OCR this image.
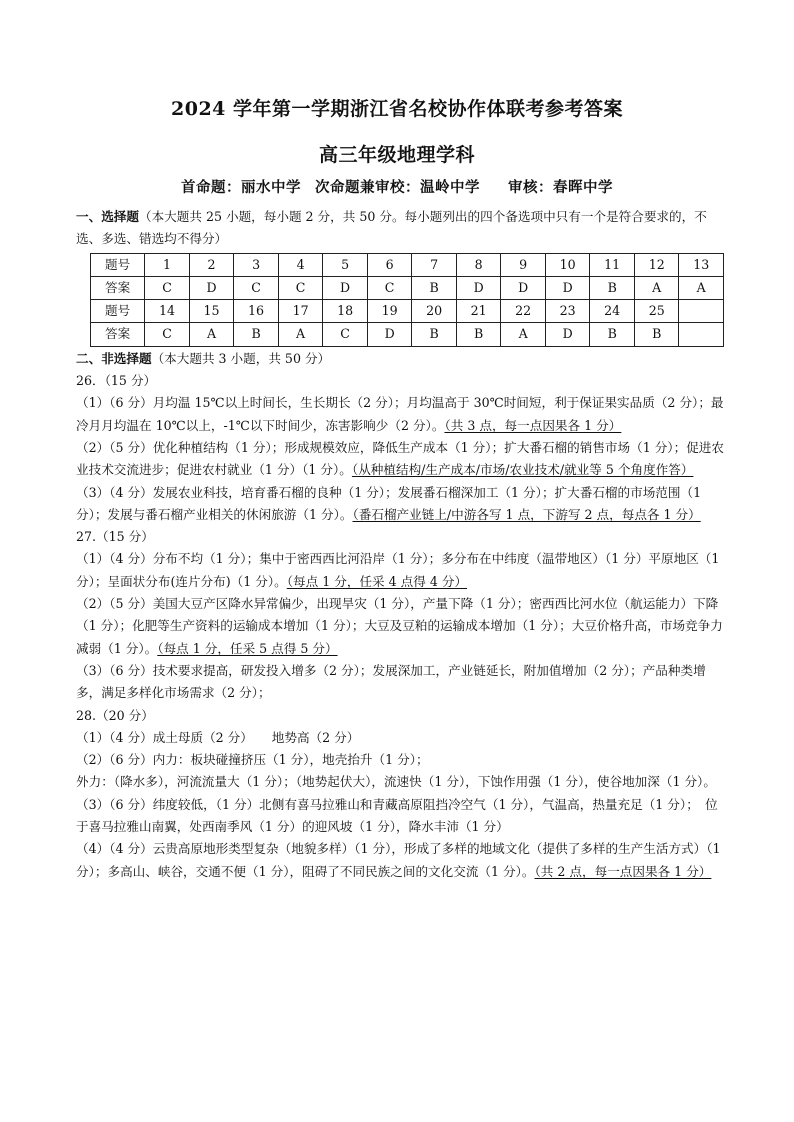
2024 学年第一学期浙江省名校协作体联考参考答案
高三年级地理学科
首命题：丽水中学 次命题兼审校：温岭中学 审核：春晖中学

一、选择题（本大题共 25 小题，每小题 2 分，共 50 分。每小题列出的四个备选项中只有一个是符合要求的，不选、多选、错选均不得分）

题号	1	2	3	4	5	6	7	8	9	10	11	12	13
答案	C	D	C	C	D	C	B	D	D	D	B	A	A
题号	14	15	16	17	18	19	20	21	22	23	24	25	
答案	C	A	B	A	C	D	B	B	A	D	B	B	

二、非选择题（本大题共 3 小题，共 50 分）

26．（15 分）

（1）（6 分）月均温 15℃以上时间长，生长期长（2 分）；月均温高于 30℃时间短，利于保证果实品质（2 分）；最冷月月均温在 10℃以上，-1℃以下时间少，冻害影响少（2 分）。（共 3 点，每一点因果各 1 分）

（2）（5 分）优化种植结构（1 分）；形成规模效应，降低生产成本（1 分）；扩大番石榴的销售市场（1 分）；促进农业技术交流进步；促进农村就业（1 分）（1 分）。（从种植结构/生产成本/市场/农业技术/就业等 5 个角度作答）

（3）（4 分）发展农业科技，培育番石榴的良种（1 分）；发展番石榴深加工（1 分）；扩大番石榴的市场范围（1 分）；发展与番石榴产业相关的休闲旅游（1 分）。（番石榴产业链上/中游各写 1 点，下游写 2 点，每点各 1 分）

27.（15 分）

（1）（4 分）分布不均（1 分）；集中于密西西比河沿岸（1 分）；多分布在中纬度（温带地区）（1 分）平原地区（1 分）；呈面状分布(连片分布)（1 分）。（每点 1 分，任采 4 点得 4 分）

（2）（5 分）美国大豆产区降水异常偏少，出现旱灾（1 分），产量下降（1 分）；密西西比河水位（航运能力）下降（1 分）；化肥等生产资料的运输成本增加（1 分）；大豆及豆粕的运输成本增加（1 分）；大豆价格升高，市场竞争力减弱（1 分）。（每点 1 分，任采 5 点得 5 分）

（3）（6 分）技术要求提高，研发投入增多（2 分）；发展深加工，产业链延长，附加值增加（2 分）；产品种类增多，满足多样化市场需求（2 分）；

28.（20 分）

（1）（4 分）成土母质（2 分）　　地势高（2 分）

（2）（6 分）内力：板块碰撞挤压（1 分），地壳抬升（1 分）；

外力：（降水多），河流流量大（1 分）；（地势起伏大），流速快（1 分），下蚀作用强（1 分），使谷地加深（1 分）。

（3）（6 分）纬度较低，（1 分）北侧有喜马拉雅山和青藏高原阻挡冷空气（1 分），气温高，热量充足（1 分）；　位于喜马拉雅山南翼，处西南季风（1 分）的迎风坡（1 分），降水丰沛（1 分）

（4）（4 分）云贵高原地形类型复杂（地貌多样）（1 分），形成了多样的地域文化（提供了多样的生产生活方式）（1 分）；多高山、峡谷，交通不便（1 分），阻碍了不同民族之间的文化交流（1 分）。（共 2 点，每一点因果各 1 分）
